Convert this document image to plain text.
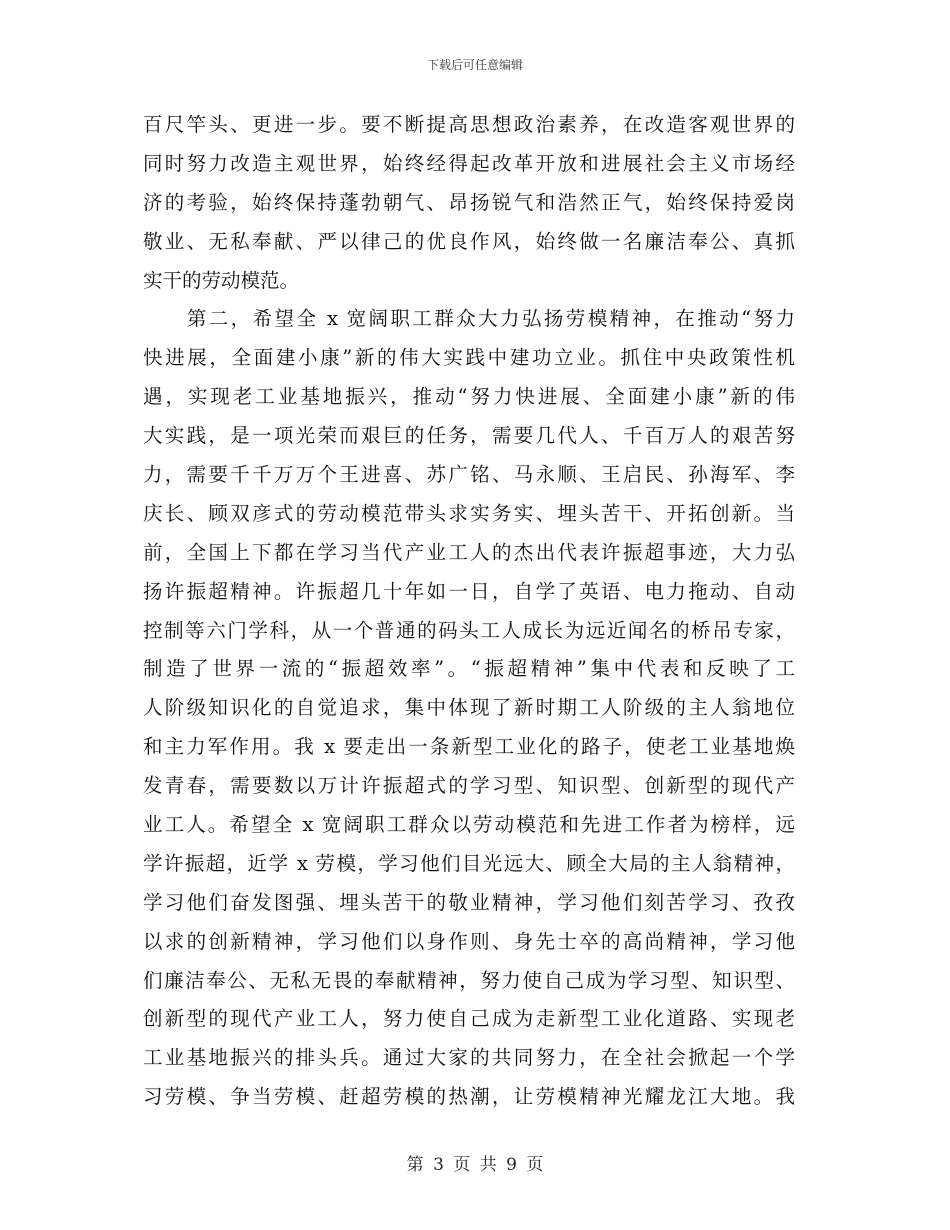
下载后可任意编辑
百尺竿头、更进一步。要不断提高思想政治素养，在改造客观世界的
同时努力改造主观世界，始终经得起改革开放和进展社会主义市场经
济的考验，始终保持蓬勃朝气、昂扬锐气和浩然正气，始终保持爱岗
敬业、无私奉献、严以律己的优良作风，始终做一名廉洁奉公、真抓
实干的劳动模范。
　　第二，希望全 x 宽阔职工群众大力弘扬劳模精神，在推动“努力
快进展，全面建小康”新的伟大实践中建功立业。抓住中央政策性机
遇，实现老工业基地振兴，推动“努力快进展、全面建小康”新的伟
大实践，是一项光荣而艰巨的任务，需要几代人、千百万人的艰苦努
力，需要千千万万个王进喜、苏广铭、马永顺、王启民、孙海军、李
庆长、顾双彦式的劳动模范带头求实务实、埋头苦干、开拓创新。当
前，全国上下都在学习当代产业工人的杰出代表许振超事迹，大力弘
扬许振超精神。许振超几十年如一日，自学了英语、电力拖动、自动
控制等六门学科，从一个普通的码头工人成长为远近闻名的桥吊专家，
制造了世界一流的“振超效率”。“振超精神”集中代表和反映了工
人阶级知识化的自觉追求，集中体现了新时期工人阶级的主人翁地位
和主力军作用。我 x 要走出一条新型工业化的路子，使老工业基地焕
发青春，需要数以万计许振超式的学习型、知识型、创新型的现代产
业工人。希望全 x 宽阔职工群众以劳动模范和先进工作者为榜样，远
学许振超，近学 x 劳模，学习他们目光远大、顾全大局的主人翁精神，
学习他们奋发图强、埋头苦干的敬业精神，学习他们刻苦学习、孜孜
以求的创新精神，学习他们以身作则、身先士卒的高尚精神，学习他
们廉洁奉公、无私无畏的奉献精神，努力使自己成为学习型、知识型、
创新型的现代产业工人，努力使自己成为走新型工业化道路、实现老
工业基地振兴的排头兵。通过大家的共同努力，在全社会掀起一个学
习劳模、争当劳模、赶超劳模的热潮，让劳模精神光耀龙江大地。我
第 3 页 共 9 页
